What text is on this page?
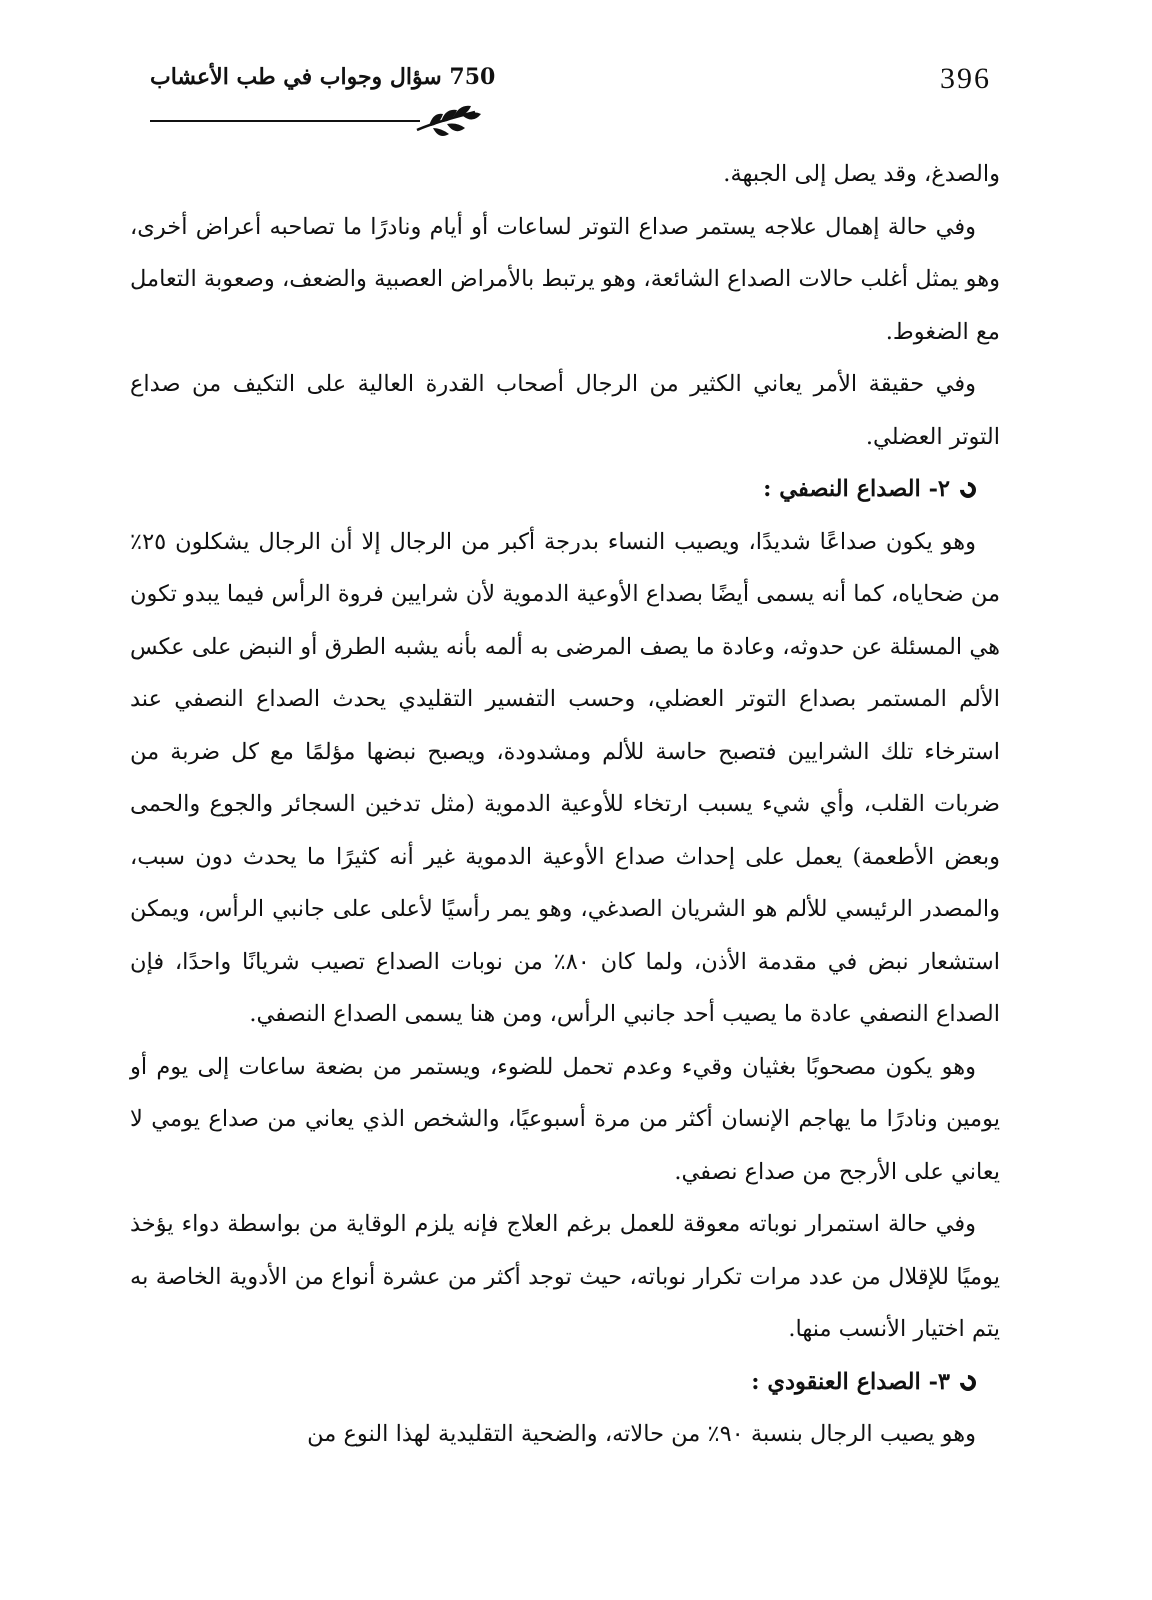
396
750 سؤال وجواب في طب الأعشاب

والصدغ، وقد يصل إلى الجبهة.

وفي حالة إهمال علاجه يستمر صداع التوتر لساعات أو أيام ونادرًا ما تصاحبه أعراض أخرى، وهو يمثل أغلب حالات الصداع الشائعة، وهو يرتبط بالأمراض العصبية والضعف، وصعوبة التعامل مع الضغوط.

وفي حقيقة الأمر يعاني الكثير من الرجال أصحاب القدرة العالية على التكيف من صداع التوتر العضلي.

٢- الصداع النصفي :

وهو يكون صداعًا شديدًا، ويصيب النساء بدرجة أكبر من الرجال إلا أن الرجال يشكلون ٢٥٪ من ضحاياه، كما أنه يسمى أيضًا بصداع الأوعية الدموية لأن شرايين فروة الرأس فيما يبدو تكون هي المسئلة عن حدوثه، وعادة ما يصف المرضى به ألمه بأنه يشبه الطرق أو النبض على عكس الألم المستمر بصداع التوتر العضلي، وحسب التفسير التقليدي يحدث الصداع النصفي عند استرخاء تلك الشرايين فتصبح حاسة للألم ومشدودة، ويصبح نبضها مؤلمًا مع كل ضربة من ضربات القلب، وأي شيء يسبب ارتخاء للأوعية الدموية (مثل تدخين السجائر والجوع والحمى وبعض الأطعمة) يعمل على إحداث صداع الأوعية الدموية غير أنه كثيرًا ما يحدث دون سبب، والمصدر الرئيسي للألم هو الشريان الصدغي، وهو يمر رأسيًا لأعلى على جانبي الرأس، ويمكن استشعار نبض في مقدمة الأذن، ولما كان ٨٠٪ من نوبات الصداع تصيب شريانًا واحدًا، فإن الصداع النصفي عادة ما يصيب أحد جانبي الرأس، ومن هنا يسمى الصداع النصفي.

وهو يكون مصحوبًا بغثيان وقيء وعدم تحمل للضوء، ويستمر من بضعة ساعات إلى يوم أو يومين ونادرًا ما يهاجم الإنسان أكثر من مرة أسبوعيًا، والشخص الذي يعاني من صداع يومي لا يعاني على الأرجح من صداع نصفي.

وفي حالة استمرار نوباته معوقة للعمل برغم العلاج فإنه يلزم الوقاية من بواسطة دواء يؤخذ يوميًا للإقلال من عدد مرات تكرار نوباته، حيث توجد أكثر من عشرة أنواع من الأدوية الخاصة به يتم اختيار الأنسب منها.

٣- الصداع العنقودي :

وهو يصيب الرجال بنسبة ٩٠٪ من حالاته، والضحية التقليدية لهذا النوع من
